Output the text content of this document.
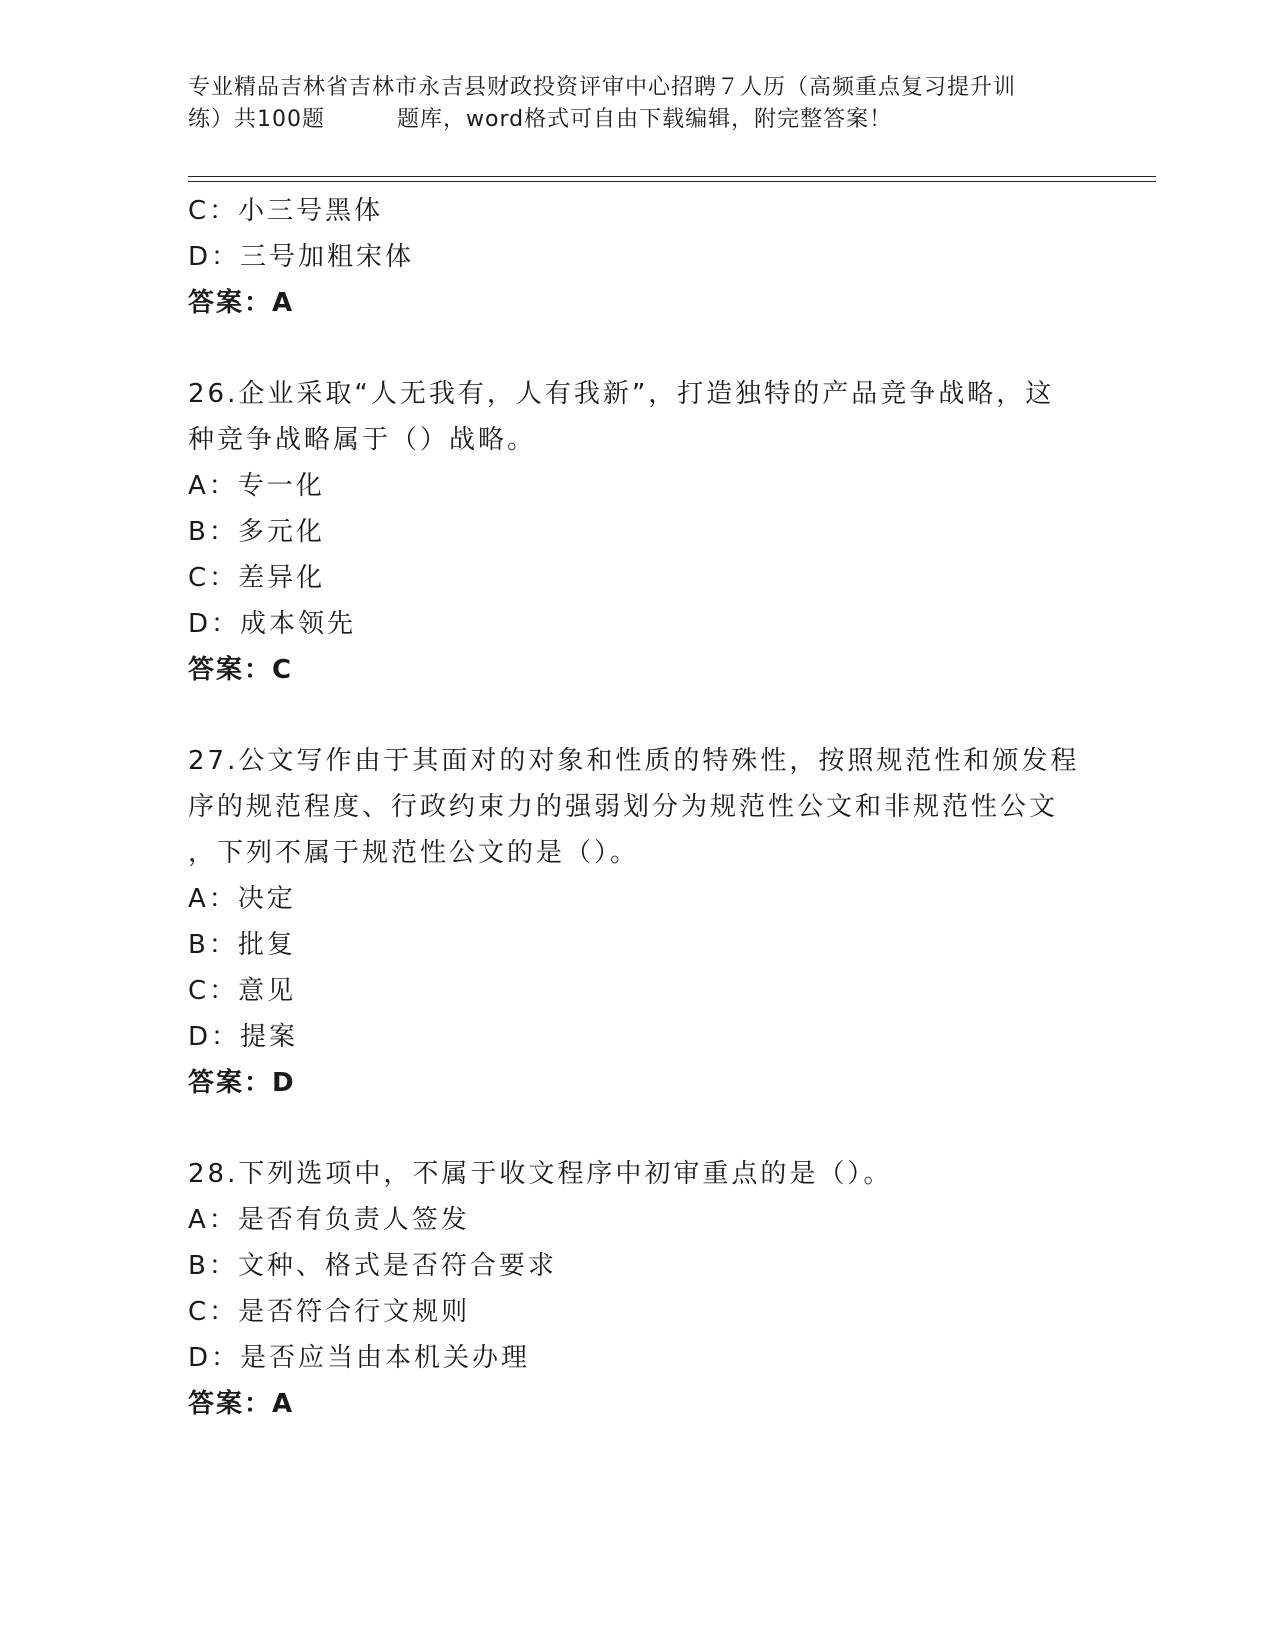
专业精品吉林省吉林市永吉县财政投资评审中心招聘７人历（高频重点复习提升训
练）共100题	题库，word格式可自由下载编辑，附完整答案！
C：小三号黑体
D：三号加粗宋体
答案：A
26.企业采取“人无我有，人有我新”，打造独特的产品竞争战略，这
种竞争战略属于（）战略。
A：专一化
B：多元化
C：差异化
D：成本领先
答案：C
27.公文写作由于其面对的对象和性质的特殊性，按照规范性和颁发程
序的规范程度、行政约束力的强弱划分为规范性公文和非规范性公文
，下列不属于规范性公文的是（）。
A：决定
B：批复
C：意见
D：提案
答案：D
28.下列选项中，不属于收文程序中初审重点的是（）。
A：是否有负责人签发
B：文种、格式是否符合要求
C：是否符合行文规则
D：是否应当由本机关办理
答案：A
